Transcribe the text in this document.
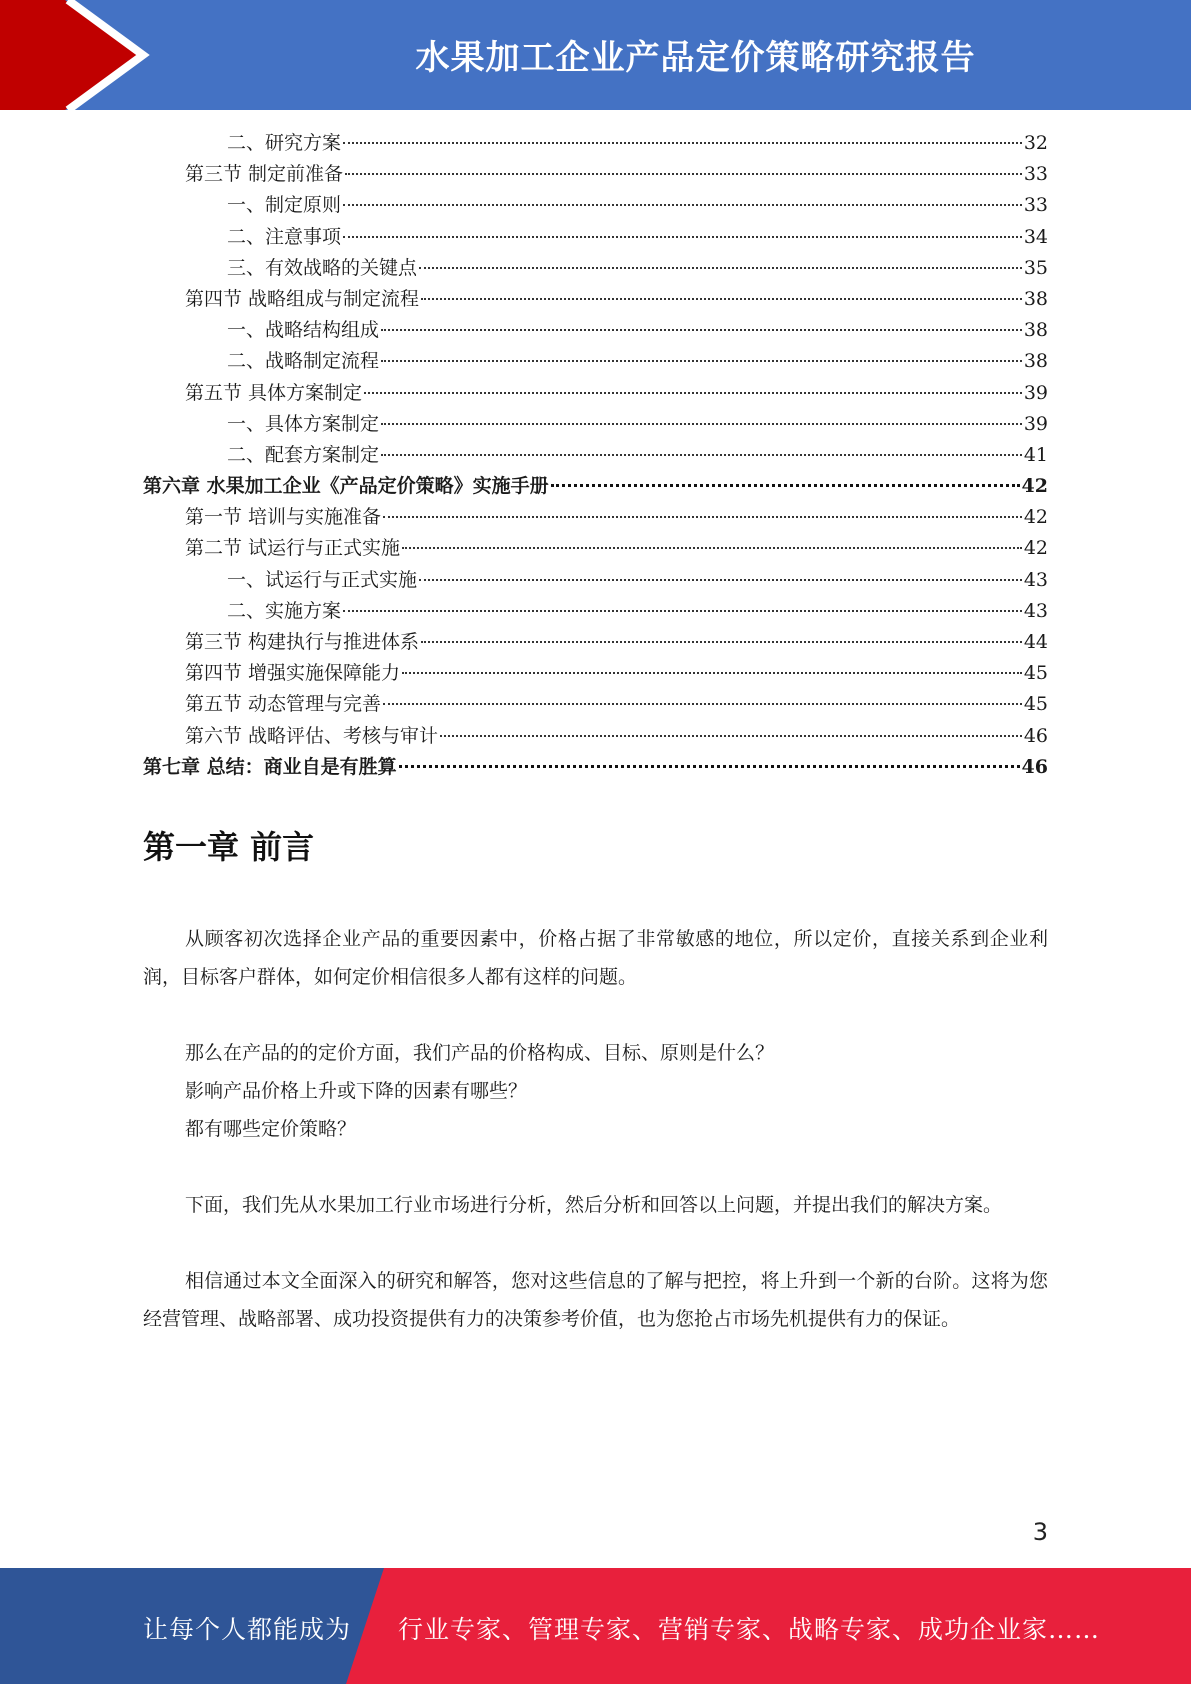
水果加工企业产品定价策略研究报告
二、研究方案	32
第三节 制定前准备	33
一、制定原则	33
二、注意事项	34
三、有效战略的关键点	35
第四节 战略组成与制定流程	38
一、战略结构组成	38
二、战略制定流程	38
第五节 具体方案制定	39
一、具体方案制定	39
二、配套方案制定	41
第六章 水果加工企业《产品定价策略》实施手册	42
第一节 培训与实施准备	42
第二节 试运行与正式实施	42
一、试运行与正式实施	43
二、实施方案	43
第三节 构建执行与推进体系	44
第四节 增强实施保障能力	45
第五节 动态管理与完善	45
第六节 战略评估、考核与审计	46
第七章 总结：商业自是有胜算	46
第一章 前言

从顾客初次选择企业产品的重要因素中，价格占据了非常敏感的地位，所以定价，直接关系到企业利润，目标客户群体，如何定价相信很多人都有这样的问题。

那么在产品的的定价方面，我们产品的价格构成、目标、原则是什么？

影响产品价格上升或下降的因素有哪些？

都有哪些定价策略？

下面，我们先从水果加工行业市场进行分析，然后分析和回答以上问题，并提出我们的解决方案。

相信通过本文全面深入的研究和解答，您对这些信息的了解与把控，将上升到一个新的台阶。这将为您经营管理、战略部署、成功投资提供有力的决策参考价值，也为您抢占市场先机提供有力的保证。

3
让每个人都能成为 行业专家、管理专家、营销专家、战略专家、成功企业家……
